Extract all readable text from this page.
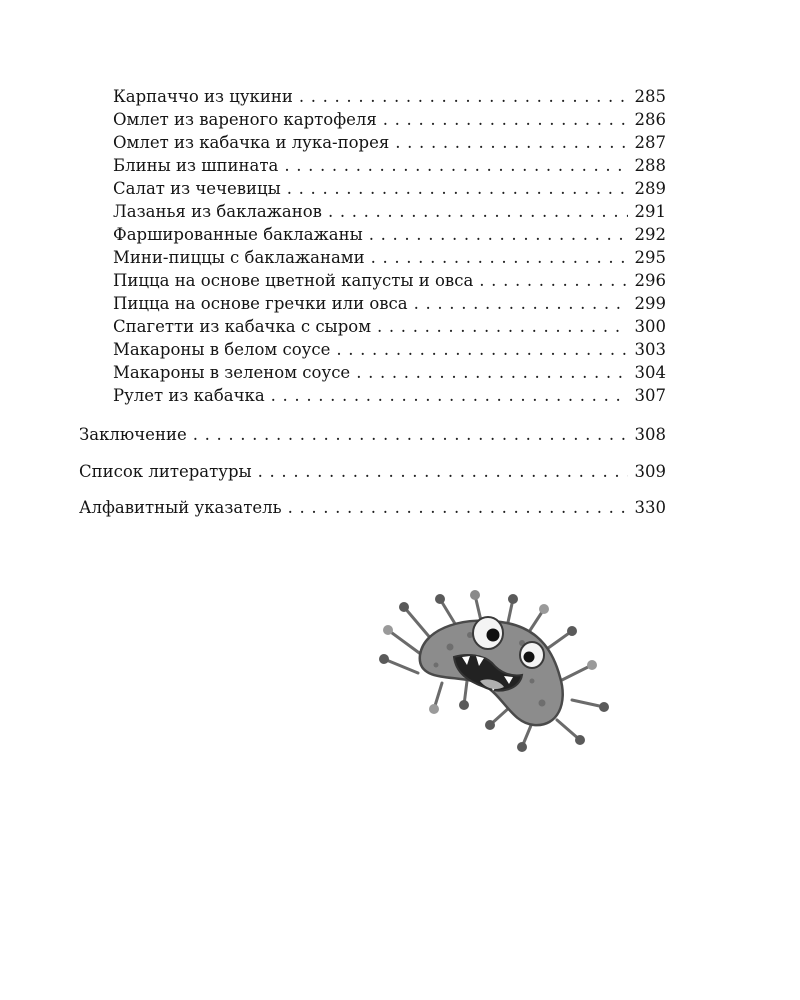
Карпаччо из цукини . . .	285
Омлет из вареного картофеля . . .	286
Омлет из кабачка и лука-порея . . .	287
Блины из шпината . . .	288
Салат из чечевицы . . .	289
Лазанья из баклажанов . . .	291
Фаршированные баклажаны . . .	292
Мини-пиццы с баклажанами . . .	295
Пицца на основе цветной капусты и овса . . .	296
Пицца на основе гречки или овса . . .	299
Спагетти из кабачка с сыром . . .	300
Макароны в белом соусе . . .	303
Макароны в зеленом соусе . . .	304
Рулет из кабачка . . .	307
Заключение . . .	308
Список литературы . . .	309
Алфавитный указатель . . .	330
